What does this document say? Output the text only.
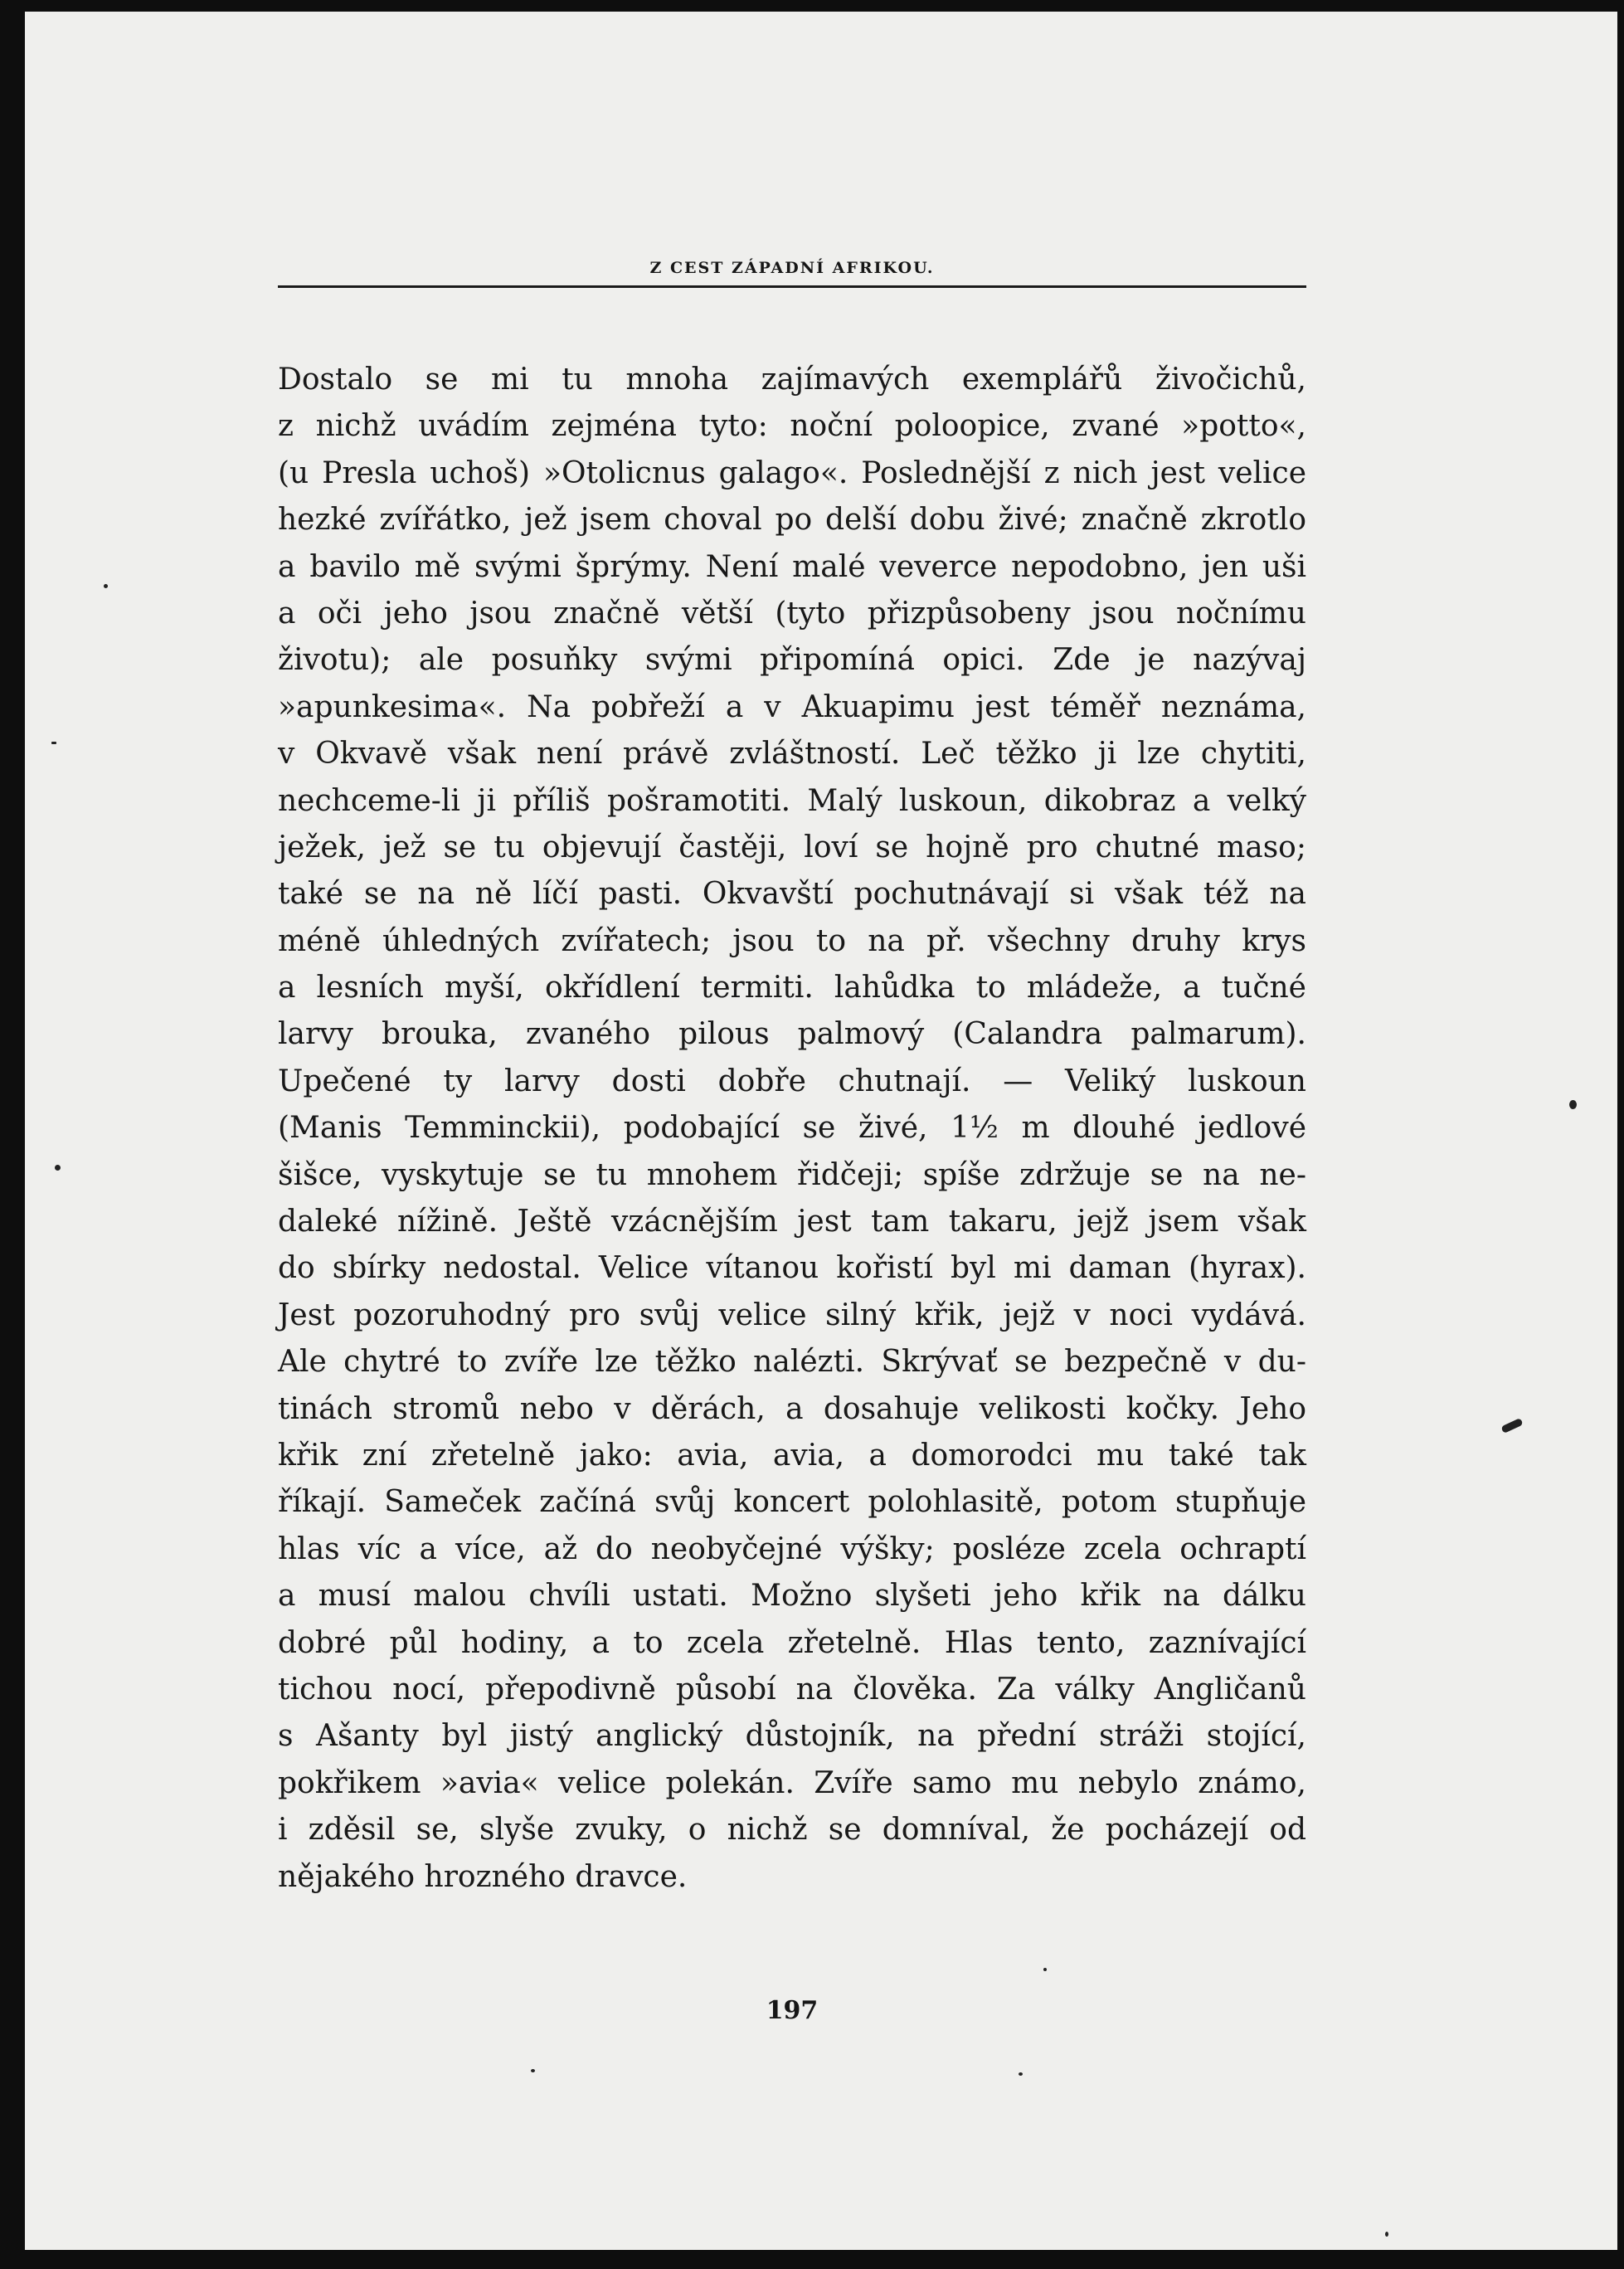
Z CEST ZÁPADNÍ AFRIKOU.
Dostalo se mi tu mnoha zajímavých exemplářů živočichů,
z nichž uvádím zejména tyto: noční poloopice, zvané »potto«,
(u Presla uchoš) »Otolicnus galago«. Poslednější z nich jest velice
hezké zvířátko, jež jsem choval po delší dobu živé; značně zkrotlo
a bavilo mě svými šprýmy. Není malé veverce nepodobno, jen uši
a oči jeho jsou značně větší (tyto přizpůsobeny jsou nočnímu
životu); ale posuňky svými připomíná opici. Zde je nazývaj
»apunkesima«. Na pobřeží a v Akuapimu jest téměř neznáma,
v Okvavě však není právě zvláštností. Leč těžko ji lze chytiti,
nechceme-li ji příliš pošramotiti. Malý luskoun, dikobraz a velký
ježek, jež se tu objevují častěji, loví se hojně pro chutné maso;
také se na ně líčí pasti. Okvavští pochutnávají si však též na
méně úhledných zvířatech; jsou to na př. všechny druhy krys
a lesních myší, okřídlení termiti. lahůdka to mládeže, a tučné
larvy brouka, zvaného pilous palmový (Calandra palmarum).
Upečené ty larvy dosti dobře chutnají. — Veliký luskoun
(Manis Temminckii), podobající se živé, 1½ m dlouhé jedlové
šišce, vyskytuje se tu mnohem řidčeji; spíše zdržuje se na ne-
daleké nížině. Ještě vzácnějším jest tam takaru, jejž jsem však
do sbírky nedostal. Velice vítanou kořistí byl mi daman (hyrax).
Jest pozoruhodný pro svůj velice silný křik, jejž v noci vydává.
Ale chytré to zvíře lze těžko nalézti. Skrývať se bezpečně v du-
tinách stromů nebo v děrách, a dosahuje velikosti kočky. Jeho
křik zní zřetelně jako: avia, avia, a domorodci mu také tak
říkají. Sameček začíná svůj koncert polohlasitě, potom stupňuje
hlas víc a více, až do neobyčejné výšky; posléze zcela ochraptí
a musí malou chvíli ustati. Možno slyšeti jeho křik na dálku
dobré půl hodiny, a to zcela zřetelně. Hlas tento, zaznívající
tichou nocí, přepodivně působí na člověka. Za války Angličanů
s Ašanty byl jistý anglický důstojník, na přední stráži stojící,
pokřikem »avia« velice polekán. Zvíře samo mu nebylo známo,
i zděsil se, slyše zvuky, o nichž se domníval, že pocházejí od
nějakého hrozného dravce.
197
